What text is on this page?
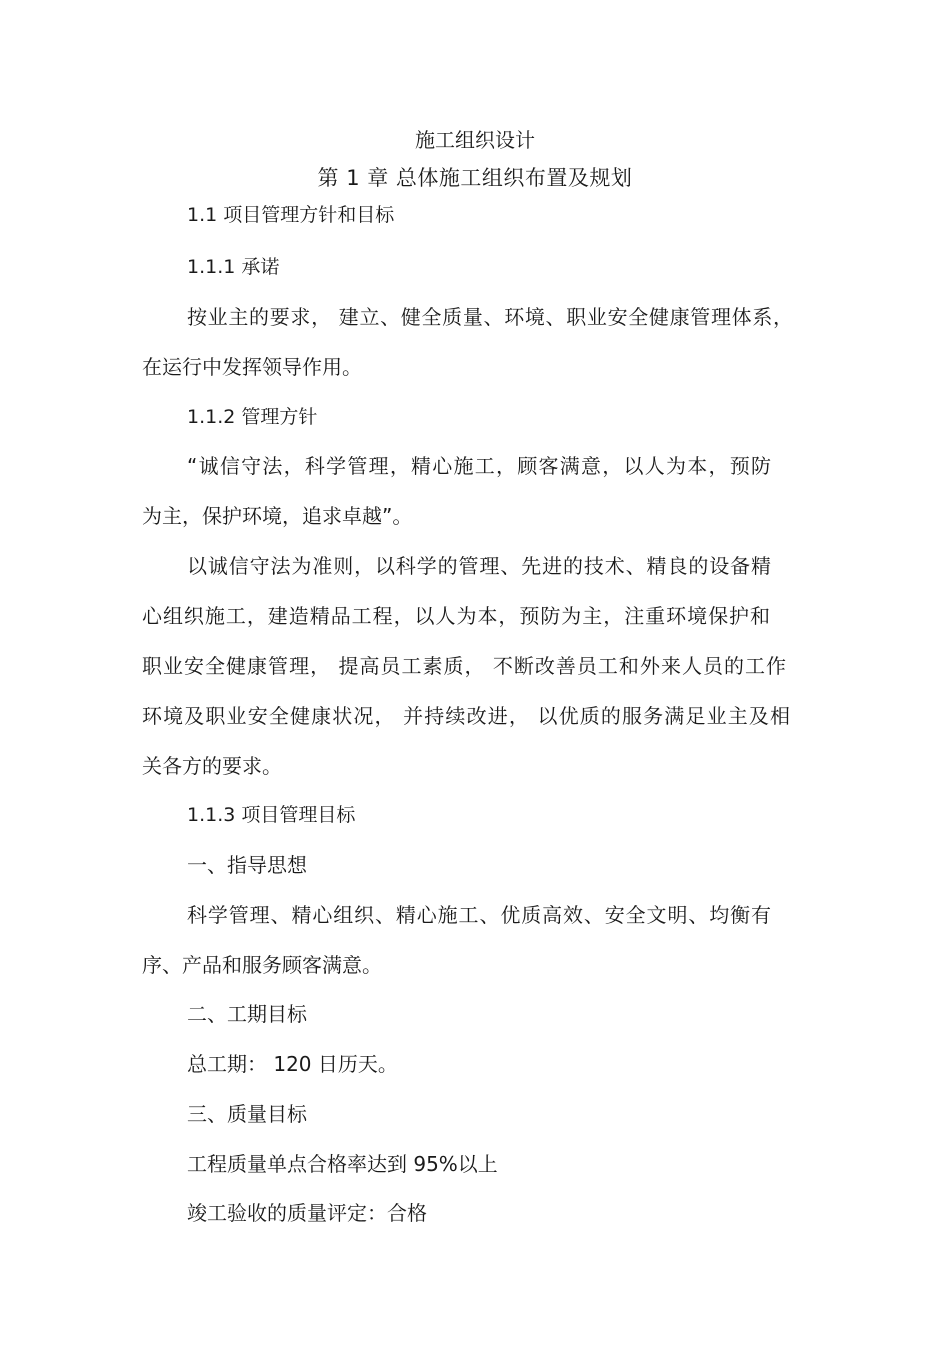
施工组织设计
第 1 章 总体施工组织布置及规划
1.1 项目管理方针和目标
1.1.1 承诺
按业主的要求， 建立、健全质量、环境、职业安全健康管理体系，
在运行中发挥领导作用。
1.1.2 管理方针
“诚信守法，科学管理，精心施工，顾客满意，以人为本，预防
为主，保护环境，追求卓越”。
以诚信守法为准则，以科学的管理、先进的技术、精良的设备精
心组织施工，建造精品工程，以人为本，预防为主，注重环境保护和
职业安全健康管理， 提高员工素质， 不断改善员工和外来人员的工作
环境及职业安全健康状况， 并持续改进， 以优质的服务满足业主及相
关各方的要求。
1.1.3 项目管理目标
一、指导思想
科学管理、精心组织、精心施工、优质高效、安全文明、均衡有
序、产品和服务顾客满意。
二、工期目标
总工期： 120 日历天。
三、质量目标
工程质量单点合格率达到 95%以上
竣工验收的质量评定：合格
